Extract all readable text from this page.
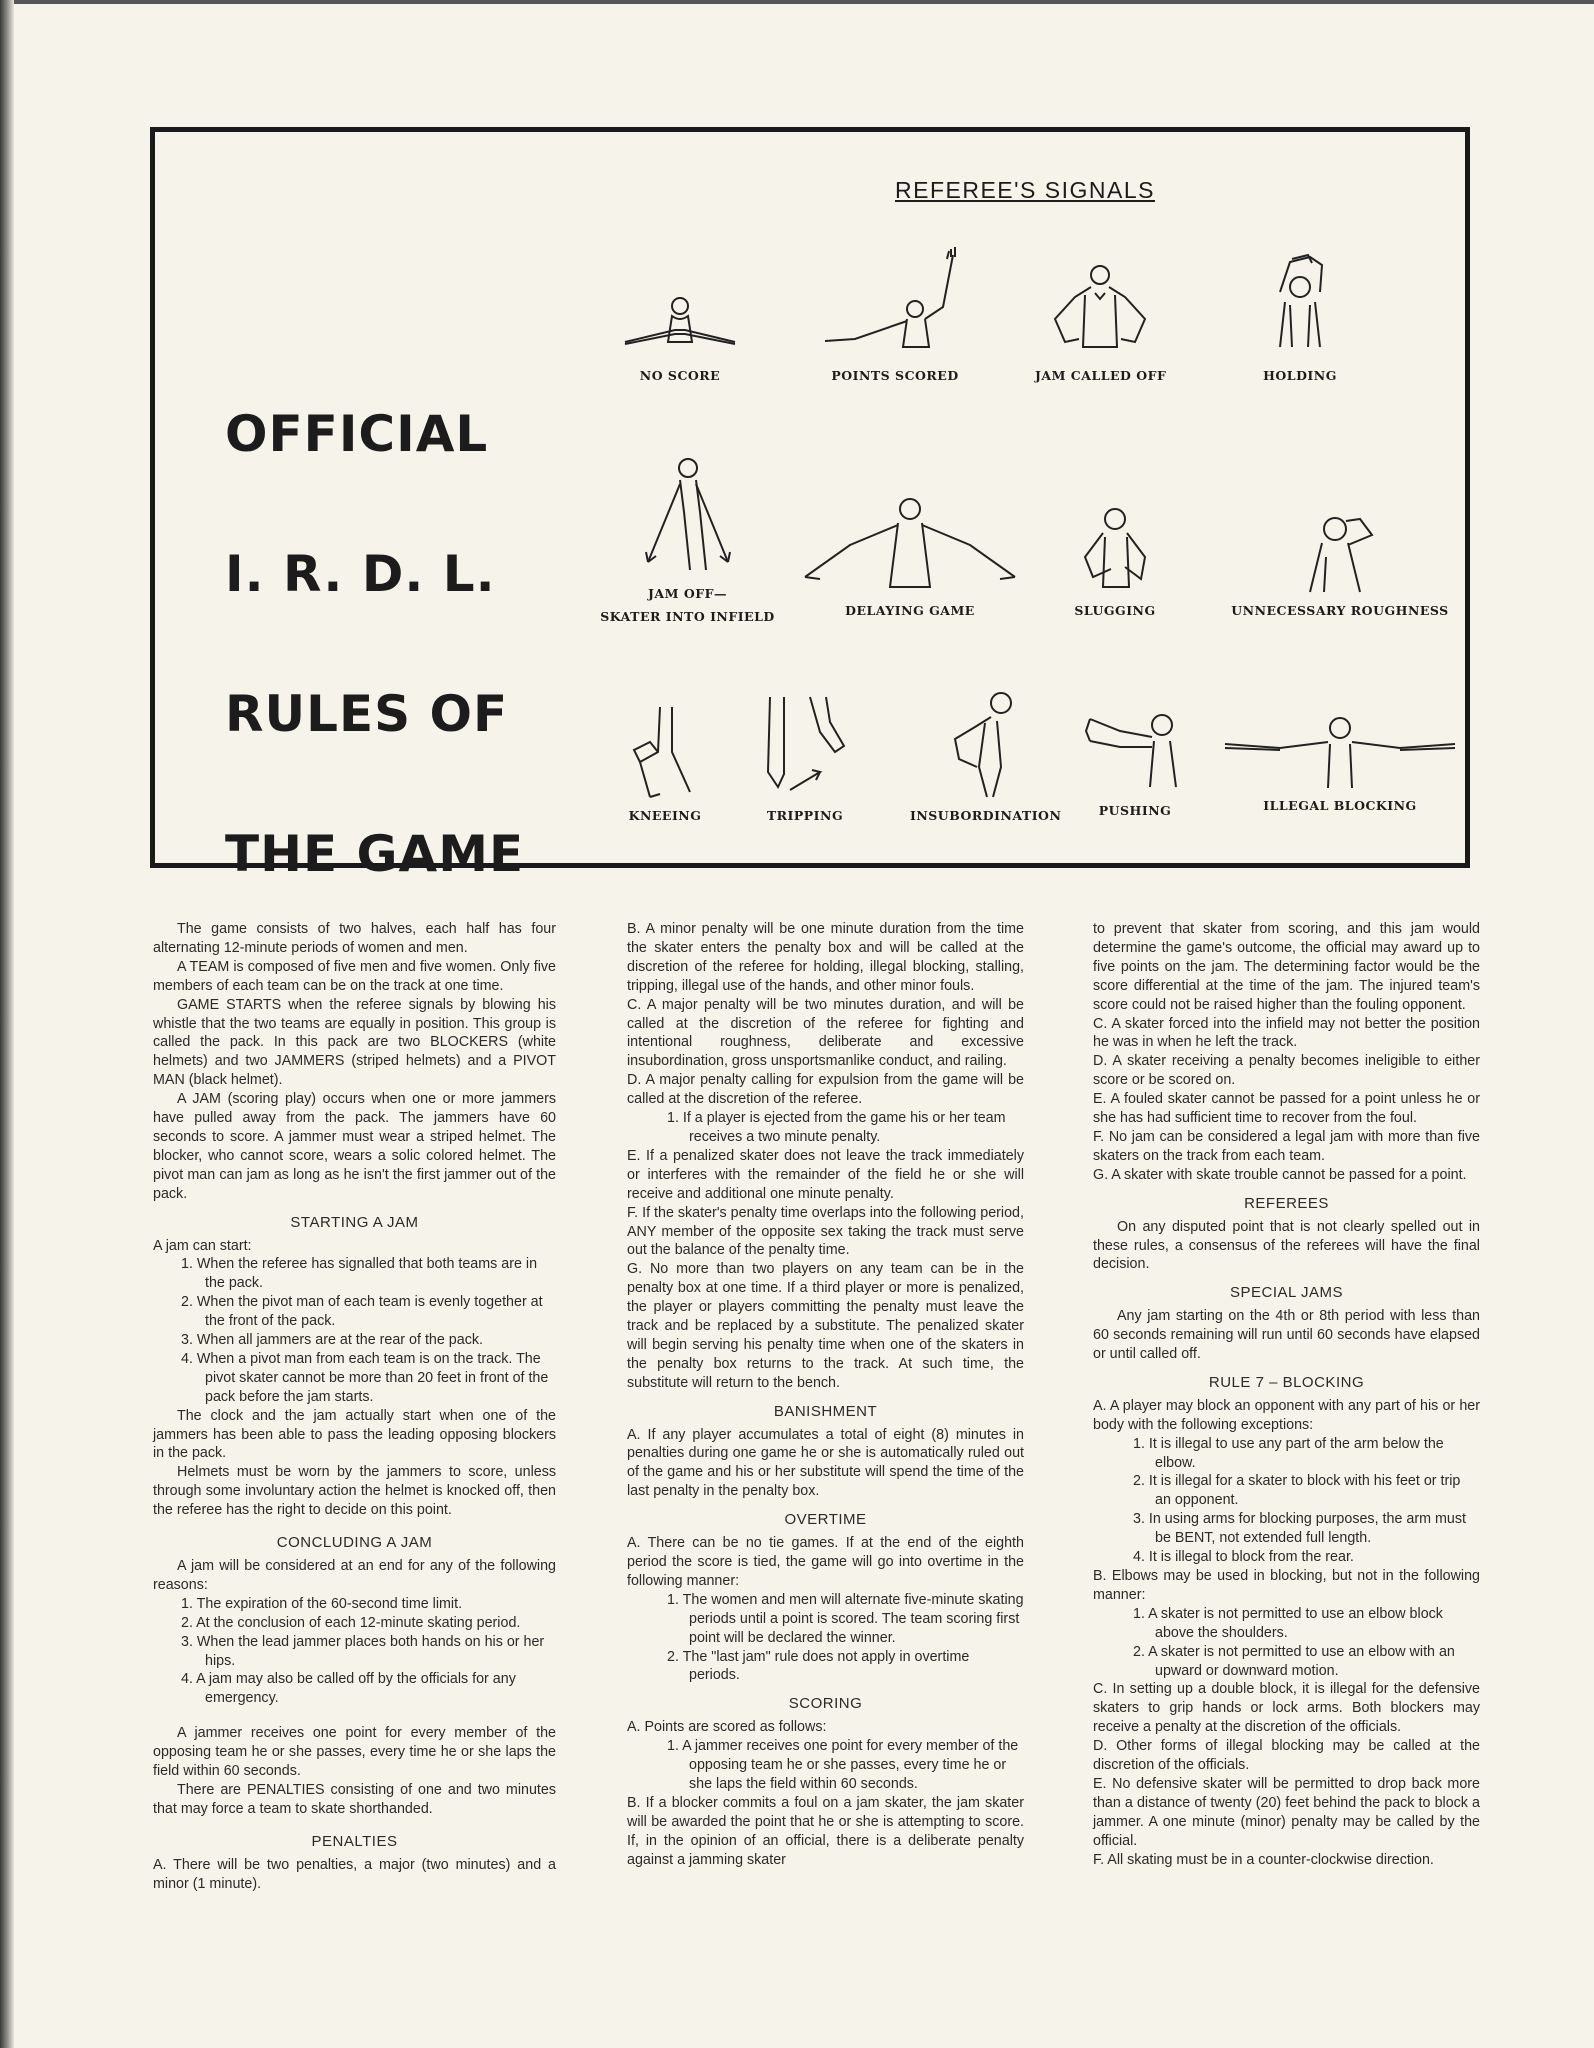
OFFICIAL
I. R. D. L.
RULES OF
THE GAME
REFEREE'S SIGNALS
NO SCORE	POINTS SCORED	JAM CALLED OFF	HOLDING
JAM OFF—
SKATER INTO INFIELD	DELAYING GAME	SLUGGING	UNNECESSARY ROUGHNESS
KNEEING	TRIPPING	INSUBORDINATION	PUSHING	ILLEGAL BLOCKING

The game consists of two halves, each half has four alternating 12-minute periods of women and men.

A TEAM is composed of five men and five women. Only five members of each team can be on the track at one time.

GAME STARTS when the referee signals by blowing his whistle that the two teams are equally in position. This group is called the pack. In this pack are two BLOCKERS (white helmets) and two JAMMERS (striped helmets) and a PIVOT MAN (black helmet).

A JAM (scoring play) occurs when one or more jammers have pulled away from the pack. The jammers have 60 seconds to score. A jammer must wear a striped helmet. The blocker, who cannot score, wears a solic colored helmet. The pivot man can jam as long as he isn't the first jammer out of the pack.

STARTING A JAM

A jam can start:

1. When the referee has signalled that both teams are in the pack.

2. When the pivot man of each team is evenly together at the front of the pack.

3. When all jammers are at the rear of the pack.

4. When a pivot man from each team is on the track. The pivot skater cannot be more than 20 feet in front of the pack before the jam starts.

The clock and the jam actually start when one of the jammers has been able to pass the leading opposing blockers in the pack.

Helmets must be worn by the jammers to score, unless through some involuntary action the helmet is knocked off, then the referee has the right to decide on this point.

CONCLUDING A JAM

A jam will be considered at an end for any of the following reasons:

1. The expiration of the 60-second time limit.

2. At the conclusion of each 12-minute skating period.

3. When the lead jammer places both hands on his or her hips.

4. A jam may also be called off by the officials for any emergency.

A jammer receives one point for every member of the opposing team he or she passes, every time he or she laps the field within 60 seconds.

There are PENALTIES consisting of one and two minutes that may force a team to skate shorthanded.

PENALTIES

A. There will be two penalties, a major (two minutes) and a minor (1 minute).

B. A minor penalty will be one minute duration from the time the skater enters the penalty box and will be called at the discretion of the referee for holding, illegal blocking, stalling, tripping, illegal use of the hands, and other minor fouls.

C. A major penalty will be two minutes duration, and will be called at the discretion of the referee for fighting and intentional roughness, deliberate and excessive insubordination, gross unsportsmanlike conduct, and railing.

D. A major penalty calling for expulsion from the game will be called at the discretion of the referee.

1. If a player is ejected from the game his or her team receives a two minute penalty.

E. If a penalized skater does not leave the track immediately or interferes with the remainder of the field he or she will receive and additional one minute penalty.

F. If the skater's penalty time overlaps into the following period, ANY member of the opposite sex taking the track must serve out the balance of the penalty time.

G. No more than two players on any team can be in the penalty box at one time. If a third player or more is penalized, the player or players committing the penalty must leave the track and be replaced by a substitute. The penalized skater will begin serving his penalty time when one of the skaters in the penalty box returns to the track. At such time, the substitute will return to the bench.

BANISHMENT

A. If any player accumulates a total of eight (8) minutes in penalties during one game he or she is automatically ruled out of the game and his or her substitute will spend the time of the last penalty in the penalty box.

OVERTIME

A. There can be no tie games. If at the end of the eighth period the score is tied, the game will go into overtime in the following manner:

1. The women and men will alternate five-minute skating periods until a point is scored. The team scoring first point will be declared the winner.

2. The "last jam" rule does not apply in overtime periods.

SCORING

A. Points are scored as follows:

1. A jammer receives one point for every member of the opposing team he or she passes, every time he or she laps the field within 60 seconds.

B. If a blocker commits a foul on a jam skater, the jam skater will be awarded the point that he or she is attempting to score. If, in the opinion of an official, there is a deliberate penalty against a jamming skater

to prevent that skater from scoring, and this jam would determine the game's outcome, the official may award up to five points on the jam. The determining factor would be the score differential at the time of the jam. The injured team's score could not be raised higher than the fouling opponent.

C. A skater forced into the infield may not better the position he was in when he left the track.

D. A skater receiving a penalty becomes ineligible to either score or be scored on.

E. A fouled skater cannot be passed for a point unless he or she has had sufficient time to recover from the foul.

F. No jam can be considered a legal jam with more than five skaters on the track from each team.

G. A skater with skate trouble cannot be passed for a point.

REFEREES

On any disputed point that is not clearly spelled out in these rules, a consensus of the referees will have the final decision.

SPECIAL JAMS

Any jam starting on the 4th or 8th period with less than 60 seconds remaining will run until 60 seconds have elapsed or until called off.

RULE 7 – BLOCKING

A. A player may block an opponent with any part of his or her body with the following exceptions:

1. It is illegal to use any part of the arm below the elbow.

2. It is illegal for a skater to block with his feet or trip an opponent.

3. In using arms for blocking purposes, the arm must be BENT, not extended full length.

4. It is illegal to block from the rear.

B. Elbows may be used in blocking, but not in the following manner:

1. A skater is not permitted to use an elbow block above the shoulders.

2. A skater is not permitted to use an elbow with an upward or downward motion.

C. In setting up a double block, it is illegal for the defensive skaters to grip hands or lock arms. Both blockers may receive a penalty at the discretion of the officials.

D. Other forms of illegal blocking may be called at the discretion of the officials.

E. No defensive skater will be permitted to drop back more than a distance of twenty (20) feet behind the pack to block a jammer. A one minute (minor) penalty may be called by the official.

F. All skating must be in a counter-clockwise direction.
